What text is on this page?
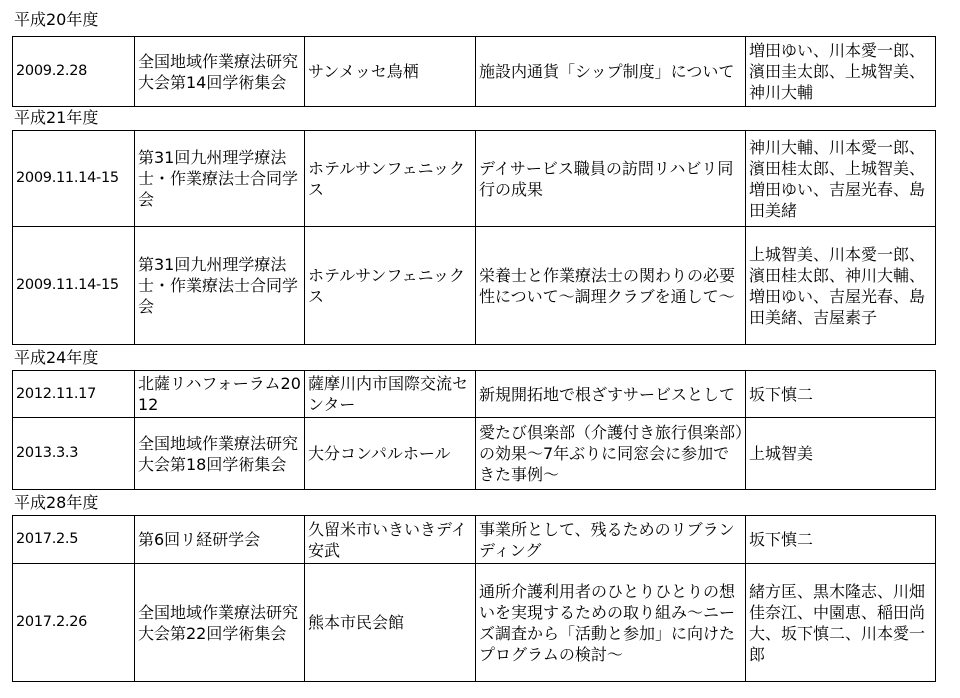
平成20年度
2009.2.28	全国地域作業療法研究大会第14回学術集会	サンメッセ鳥栖	施設内通貨「シップ制度」について	増田ゆい、川本愛一郎、濱田圭太郎、上城智美、神川大輔
平成21年度
2009.11.14-15	第31回九州理学療法士・作業療法士合同学会	ホテルサンフェニックス	デイサービス職員の訪問リハビリ同行の成果	神川大輔、川本愛一郎、濱田桂太郎、上城智美、増田ゆい、吉屋光春、島田美緒
2009.11.14-15	第31回九州理学療法士・作業療法士合同学会	ホテルサンフェニックス	栄養士と作業療法士の関わりの必要性について〜調理クラブを通して〜	上城智美、川本愛一郎、濱田桂太郎、神川大輔、増田ゆい、吉屋光春、島田美緒、吉屋素子
平成24年度
2012.11.17	北薩リハフォーラム2012	薩摩川内市国際交流センター	新規開拓地で根ざすサービスとして	坂下慎二
2013.3.3	全国地域作業療法研究大会第18回学術集会	大分コンパルホール	愛たび倶楽部（介護付き旅行倶楽部）の効果〜7年ぶりに同窓会に参加できた事例〜	上城智美
平成28年度
2017.2.5	第6回リ経研学会	久留米市いきいきデイ安武	事業所として、残るためのリブランディング	坂下慎二
2017.2.26	全国地域作業療法研究大会第22回学術集会	熊本市民会館	通所介護利用者のひとりひとりの想いを実現するための取り組み〜ニーズ調査から「活動と参加」に向けたプログラムの検討〜	緒方匡、黒木隆志、川畑佳奈江、中園恵、稲田尚大、坂下慎二、川本愛一郎
